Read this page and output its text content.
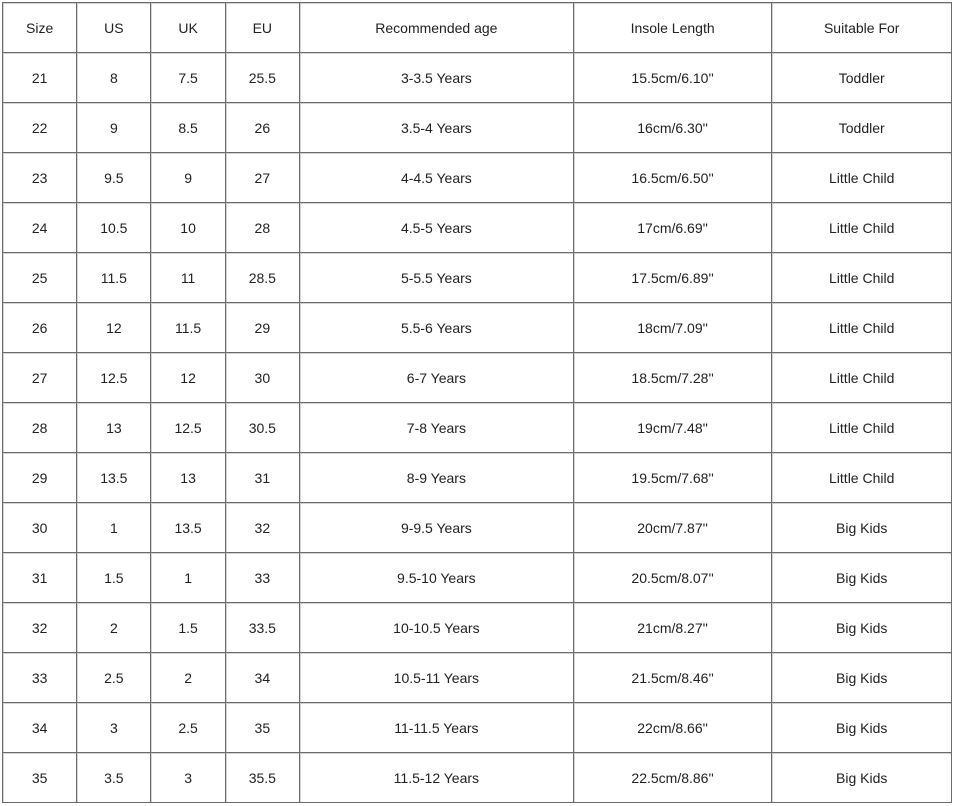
Size	US	UK	EU	Recommended age	Insole Length	Suitable For
21	8	7.5	25.5	3-3.5 Years	15.5cm/6.10''	Toddler
22	9	8.5	26	3.5-4 Years	16cm/6.30''	Toddler
23	9.5	9	27	4-4.5 Years	16.5cm/6.50''	Little Child
24	10.5	10	28	4.5-5 Years	17cm/6.69''	Little Child
25	11.5	11	28.5	5-5.5 Years	17.5cm/6.89''	Little Child
26	12	11.5	29	5.5-6 Years	18cm/7.09''	Little Child
27	12.5	12	30	6-7 Years	18.5cm/7.28''	Little Child
28	13	12.5	30.5	7-8 Years	19cm/7.48''	Little Child
29	13.5	13	31	8-9 Years	19.5cm/7.68''	Little Child
30	1	13.5	32	9-9.5 Years	20cm/7.87''	Big Kids
31	1.5	1	33	9.5-10 Years	20.5cm/8.07''	Big Kids
32	2	1.5	33.5	10-10.5 Years	21cm/8.27''	Big Kids
33	2.5	2	34	10.5-11 Years	21.5cm/8.46''	Big Kids
34	3	2.5	35	11-11.5 Years	22cm/8.66''	Big Kids
35	3.5	3	35.5	11.5-12 Years	22.5cm/8.86''	Big Kids
